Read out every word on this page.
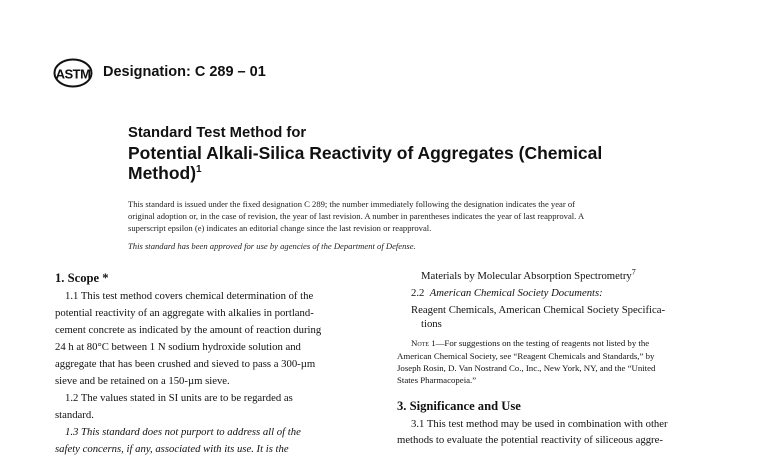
ASTM Designation: C 289 – 01
Standard Test Method for
Potential Alkali-Silica Reactivity of Aggregates (Chemical
Method)$^1$
This standard is issued under the fixed designation C 289; the number immediately following the designation indicates the year of
original adoption or, in the case of revision, the year of last revision. A number in parentheses indicates the year of last reapproval. A
superscript epsilon (e) indicates an editorial change since the last revision or reapproval.
This standard has been approved for use by agencies of the Department of Defense.
1. Scope *
1.1 This test method covers chemical determination of the
potential reactivity of an aggregate with alkalies in portland-
cement concrete as indicated by the amount of reaction during
24 h at 80°C between 1 N sodium hydroxide solution and
aggregate that has been crushed and sieved to pass a 300-µm
sieve and be retained on a 150-µm sieve.
1.2 The values stated in SI units are to be regarded as
standard.
1.3 This standard does not purport to address all of the
safety concerns, if any, associated with its use. It is the
Materials by Molecular Absorption Spectrometry$^7$
2.2 American Chemical Society Documents:
Reagent Chemicals, American Chemical Society Specifica-
tions
Note 1—For suggestions on the testing of reagents not listed by the
American Chemical Society, see “Reagent Chemicals and Standards,” by
Joseph Rosin, D. Van Nostrand Co., Inc., New York, NY, and the “United
States Pharmacopeia.”
3. Significance and Use
3.1 This test method may be used in combination with other
methods to evaluate the potential reactivity of siliceous aggre-
